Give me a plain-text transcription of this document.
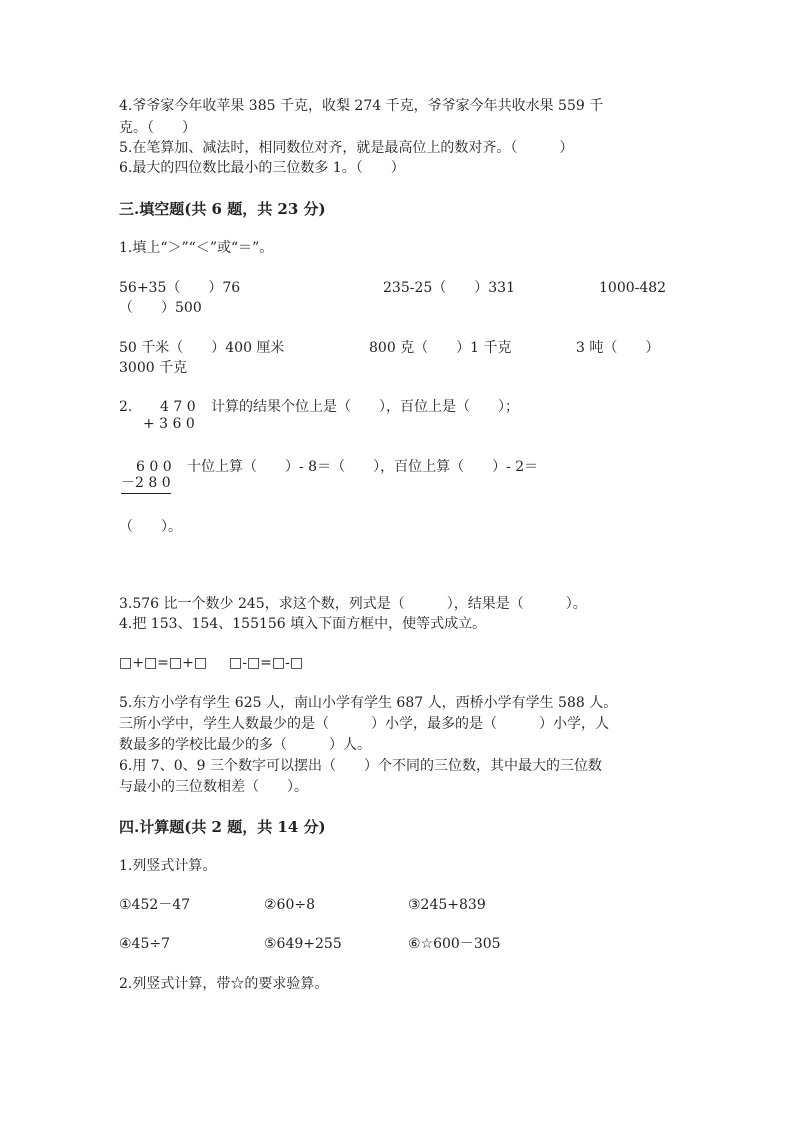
4.爷爷家今年收苹果 385 千克，收梨 274 千克，爷爷家今年共收水果 559 千
克。（　　）
5.在笔算加、减法时，相同数位对齐，就是最高位上的数对齐。（　　　）
6.最大的四位数比最小的三位数多 1。（　　）
三.填空题(共 6 题，共 23 分)
1.填上“＞”“＜”或“＝”。
56+35（　　）76	235-25（　　）331	1000-482
（　　）500
50 千米（　　）400 厘米	800 克（　　）1 千克	3 吨（　　）
3000 千克
2. 4 7 0
+ 3 6 0
计算的结果个位上是（　　），百位上是（　　）；
6 0 0
－2 8 0
十位上算（　　）- 8＝（　　），百位上算（　　）- 2＝
（　　）。
3.576 比一个数少 245，求这个数，列式是（　　　），结果是（　　　）。
4.把 153、154、155156 填入下面方框中，使等式成立。
□+□=□+□ □-□=□-□
5.东方小学有学生 625 人，南山小学有学生 687 人，西桥小学有学生 588 人。
三所小学中，学生人数最少的是（　　　）小学，最多的是（　　　）小学，人
数最多的学校比最少的多（　　　）人。
6.用 7、0、9 三个数字可以摆出（　　）个不同的三位数，其中最大的三位数
与最小的三位数相差（　　）。
四.计算题(共 2 题，共 14 分)
1.列竖式计算。
①452－47	②60÷8	③245+839
④45÷7	⑤649+255	⑥☆600－305
2.列竖式计算，带☆的要求验算。
